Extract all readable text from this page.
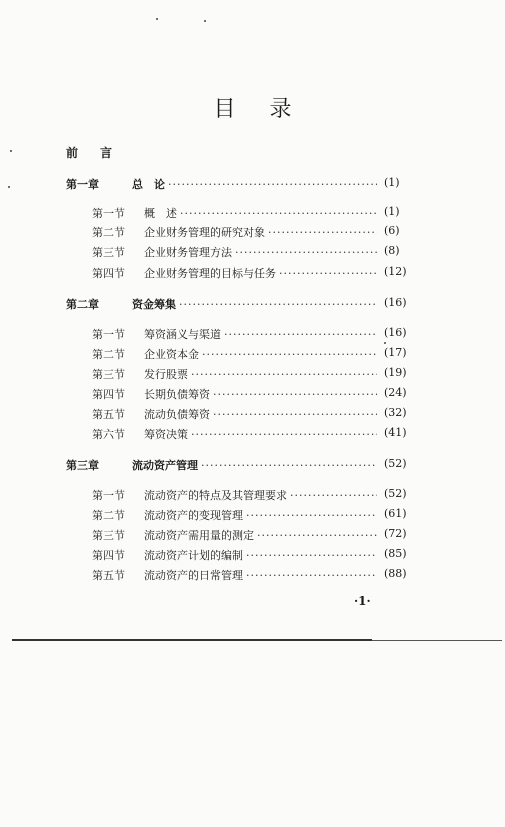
目录
前言
第一章	总　论 ·····	(1)
第一节	概　述 ·····	(1)
第二节	企业财务管理的研究对象 ·····	(6)
第三节	企业财务管理方法 ·····	(8)
第四节	企业财务管理的目标与任务 ·····	(12)
第二章	资金筹集 ·····	(16)
第一节	筹资涵义与渠道 ·····	(16)
第二节	企业资本金 ·····	(17)
第三节	发行股票 ·····	(19)
第四节	长期负债筹资 ·····	(24)
第五节	流动负债筹资 ·····	(32)
第六节	筹资决策 ·····	(41)
第三章	流动资产管理 ·····	(52)
第一节	流动资产的特点及其管理要求 ·····	(52)
第二节	流动资产的变现管理 ·····	(61)
第三节	流动资产需用量的测定 ·····	(72)
第四节	流动资产计划的编制 ·····	(85)
第五节	流动资产的日常管理 ·····	(88)
·1·
